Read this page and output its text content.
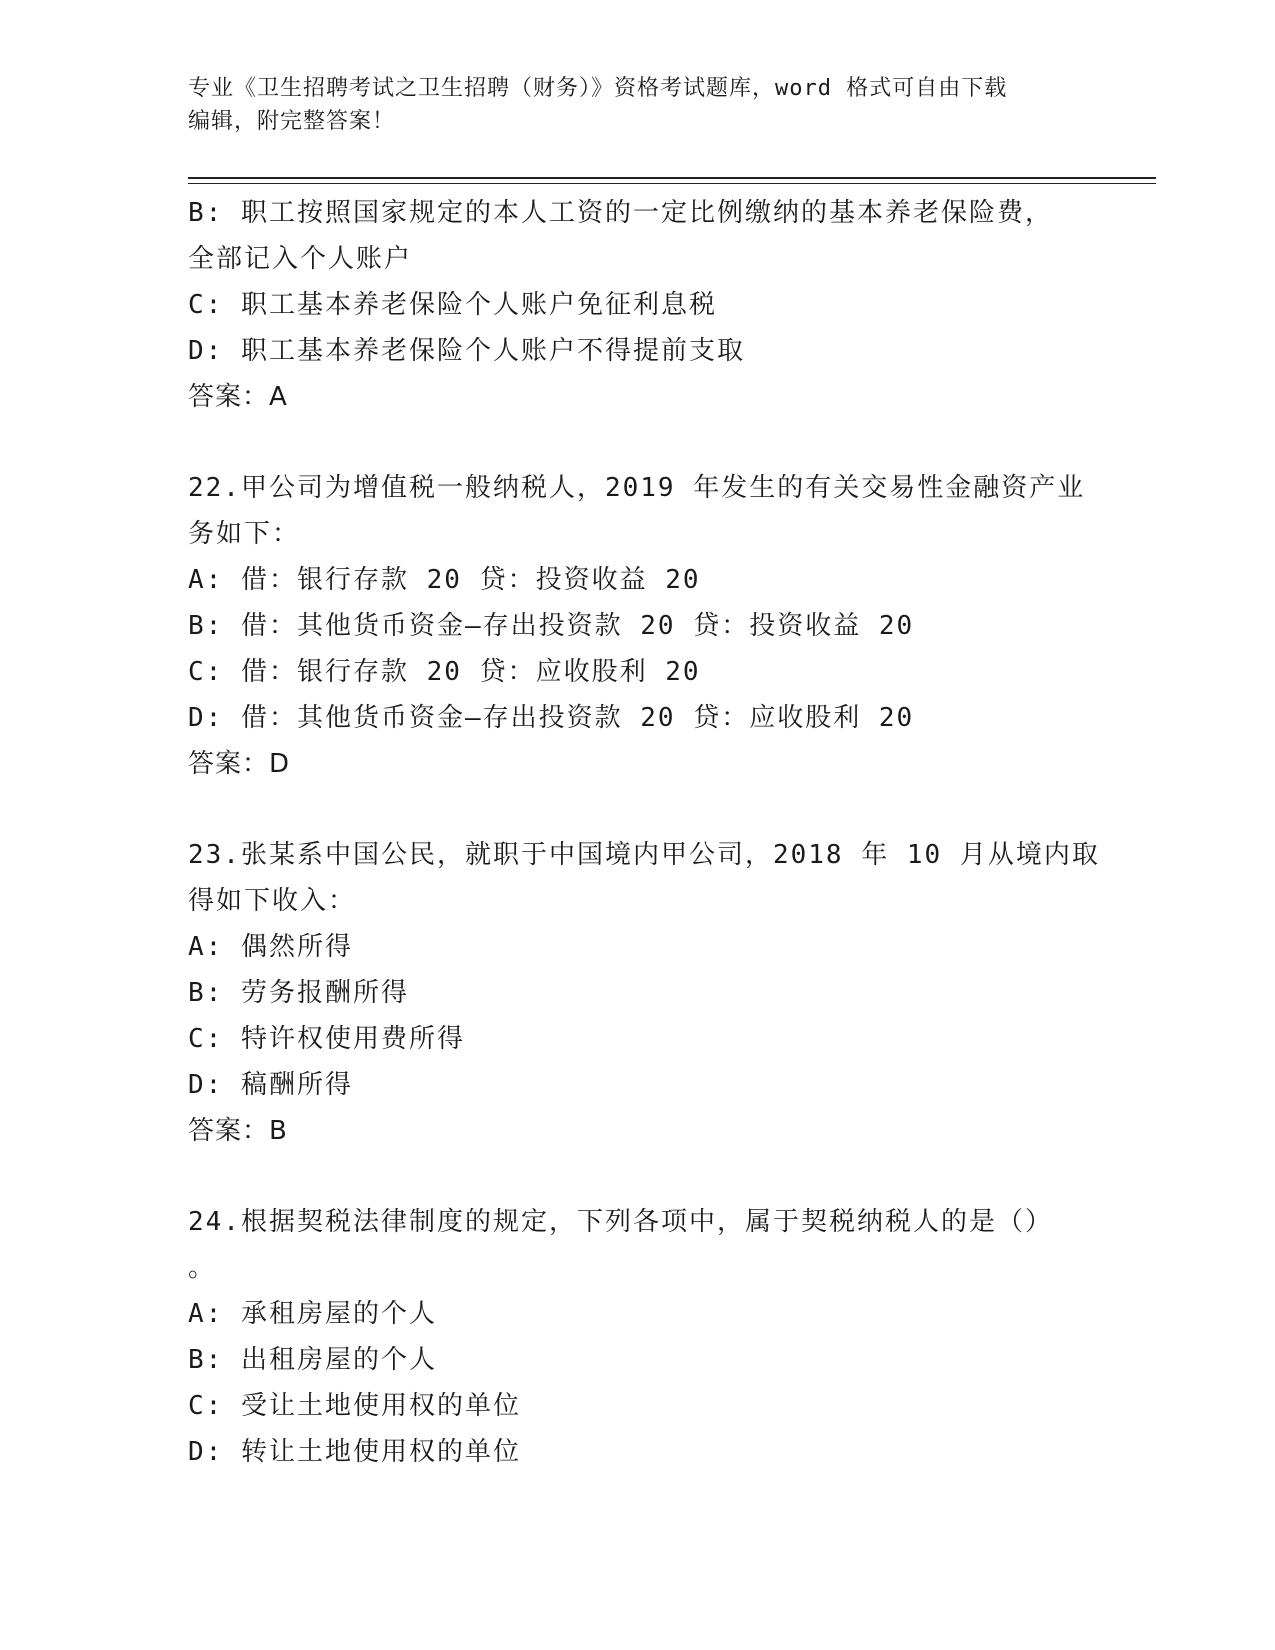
专业《卫生招聘考试之卫生招聘（财务）》资格考试题库，word 格式可自由下载
编辑，附完整答案！
B: 职工按照国家规定的本人工资的一定比例缴纳的基本养老保险费，
全部记入个人账户
C: 职工基本养老保险个人账户免征利息税
D: 职工基本养老保险个人账户不得提前支取
答案：A
22.甲公司为增值税一般纳税人，2019 年发生的有关交易性金融资产业
务如下：
A: 借：银行存款 20 贷：投资收益 20
B: 借：其他货币资金—存出投资款 20 贷：投资收益 20
C: 借：银行存款 20 贷：应收股利 20
D: 借：其他货币资金—存出投资款 20 贷：应收股利 20
答案：D
23.张某系中国公民，就职于中国境内甲公司，2018 年 10 月从境内取
得如下收入：
A: 偶然所得
B: 劳务报酬所得
C: 特许权使用费所得
D: 稿酬所得
答案：B
24.根据契税法律制度的规定，下列各项中，属于契税纳税人的是（）
。
A: 承租房屋的个人
B: 出租房屋的个人
C: 受让土地使用权的单位
D: 转让土地使用权的单位
